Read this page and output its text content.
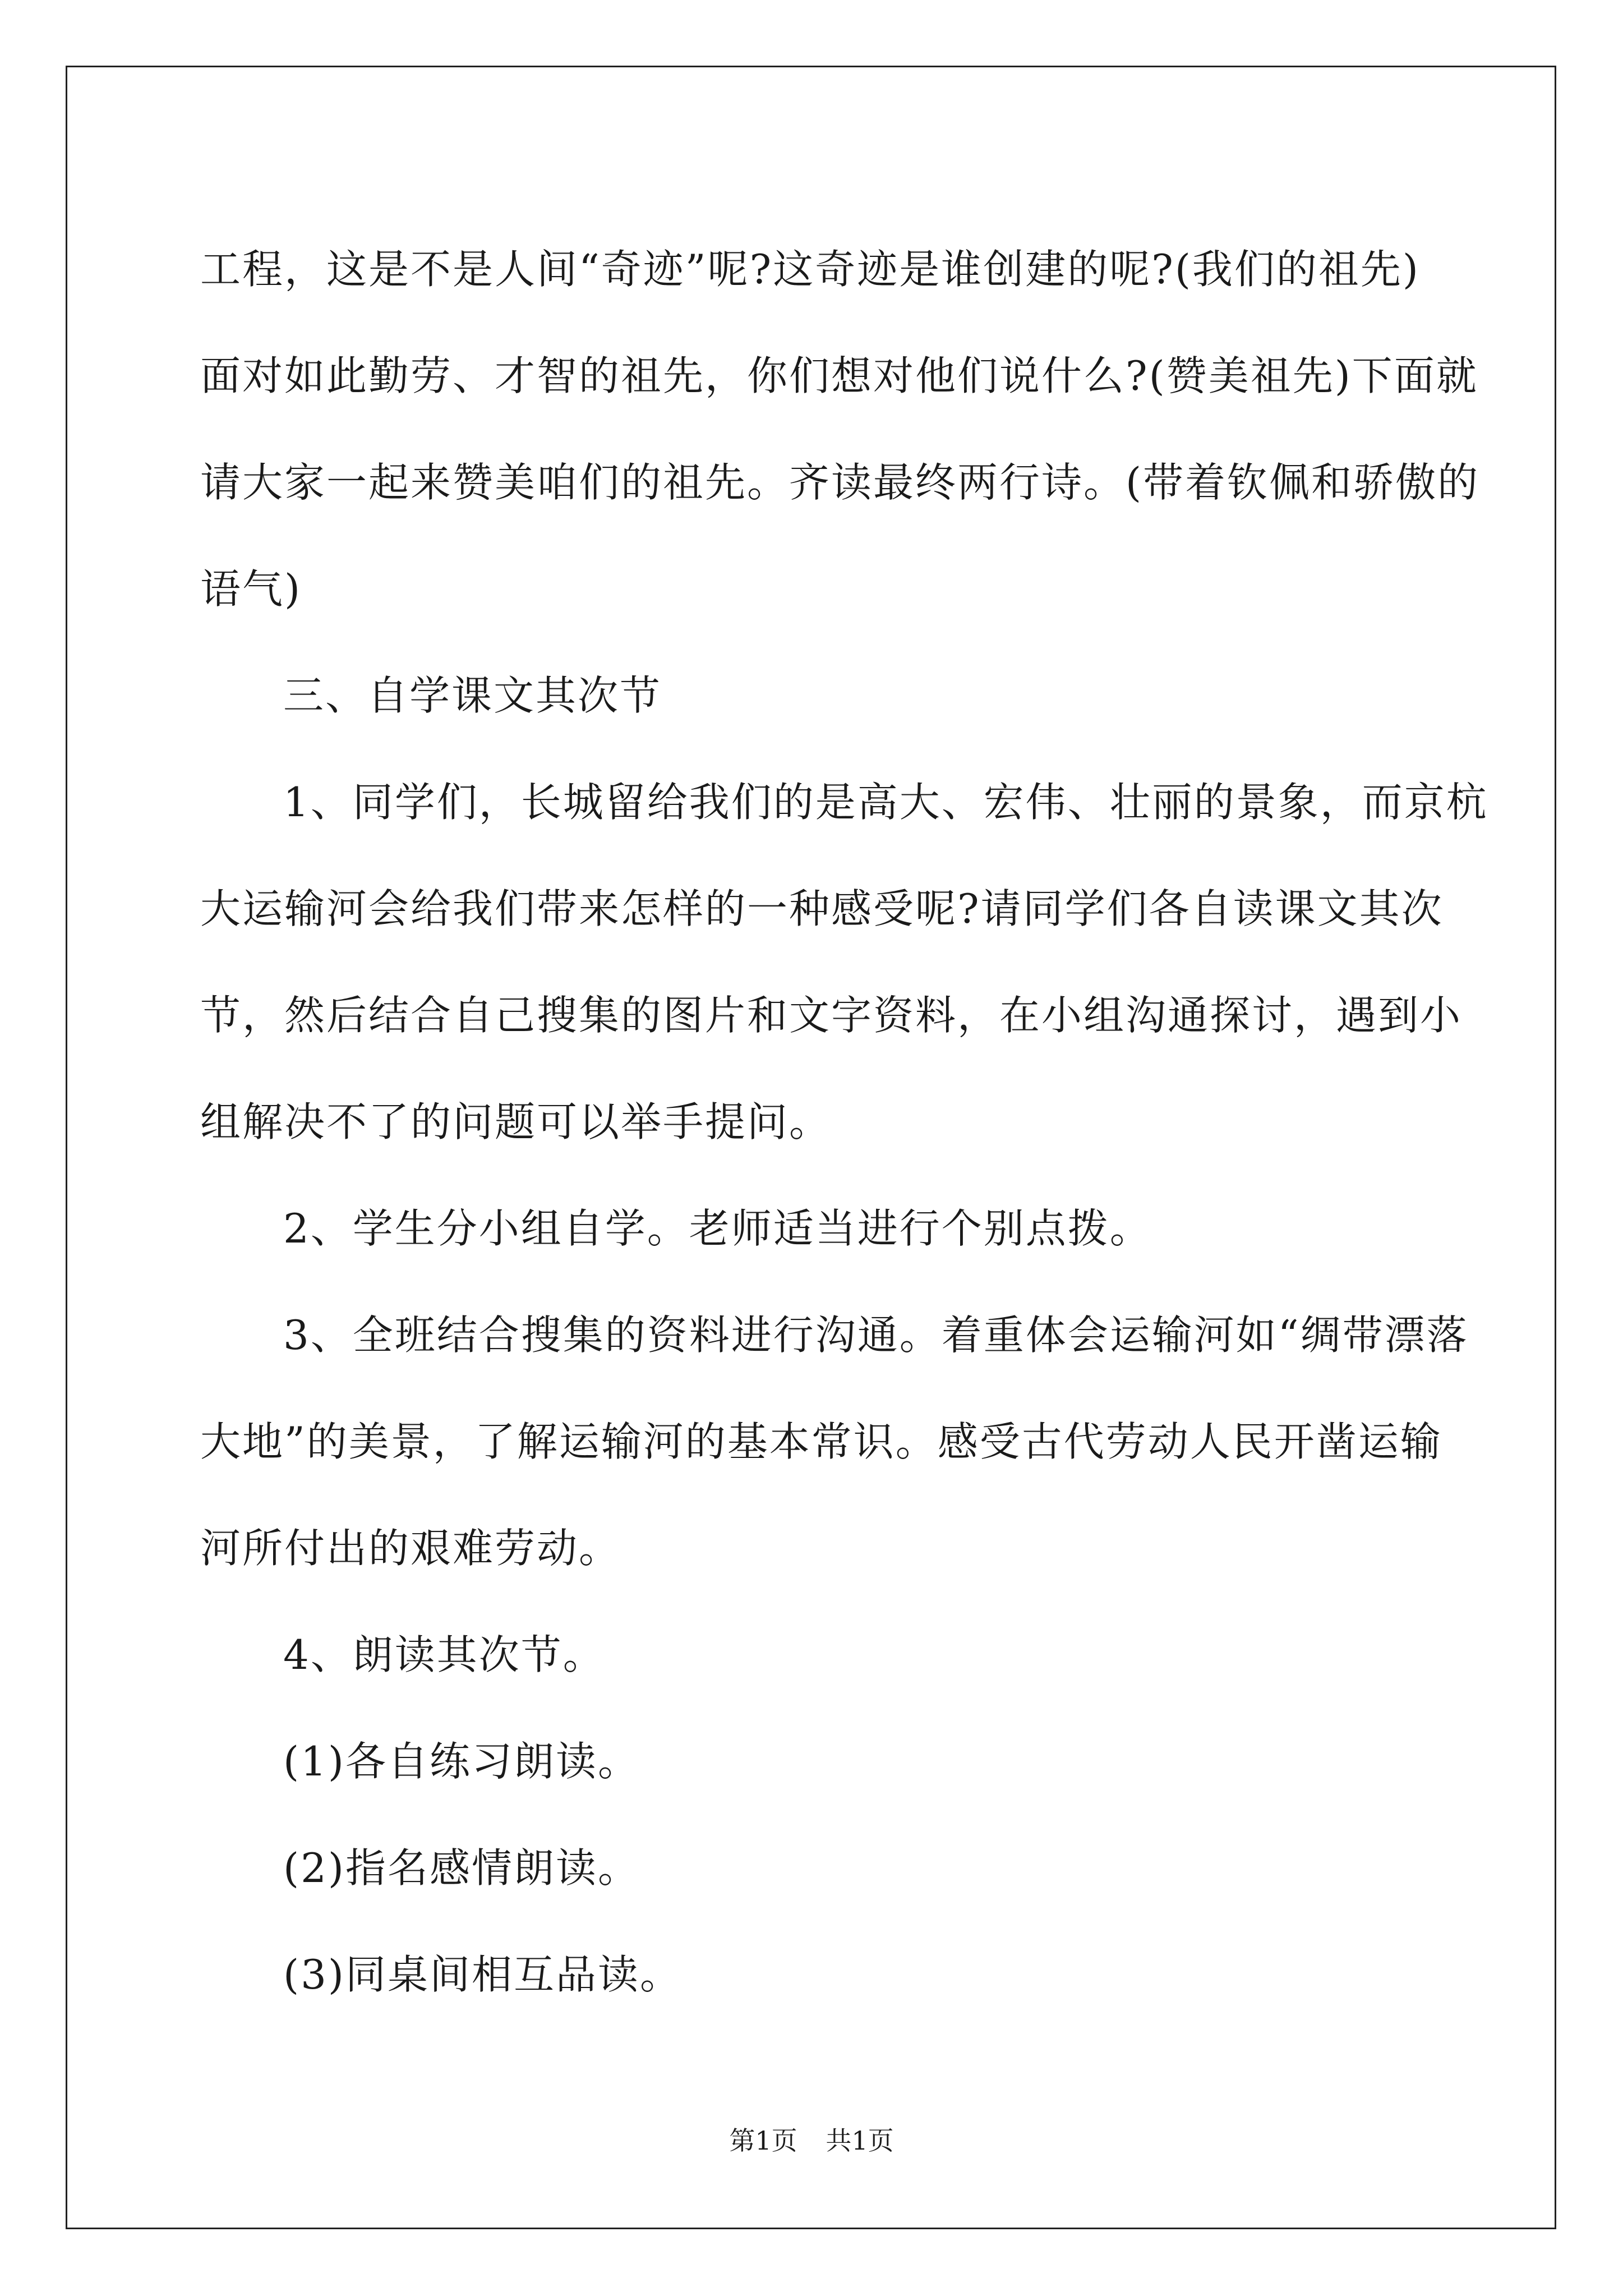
工程，这是不是人间“奇迹”呢?这奇迹是谁创建的呢?(我们的祖先)
面对如此勤劳、才智的祖先，你们想对他们说什么?(赞美祖先)下面就
请大家一起来赞美咱们的祖先。齐读最终两行诗。(带着钦佩和骄傲的
语气)
三、自学课文其次节
1、同学们，长城留给我们的是高大、宏伟、壮丽的景象，而京杭
大运输河会给我们带来怎样的一种感受呢?请同学们各自读课文其次
节，然后结合自己搜集的图片和文字资料，在小组沟通探讨，遇到小
组解决不了的问题可以举手提问。
2、学生分小组自学。老师适当进行个别点拨。
3、全班结合搜集的资料进行沟通。着重体会运输河如“绸带漂落
大地”的美景，了解运输河的基本常识。感受古代劳动人民开凿运输
河所付出的艰难劳动。
4、朗读其次节。
(1)各自练习朗读。
(2)指名感情朗读。
(3)同桌间相互品读。
第1页 共1页
